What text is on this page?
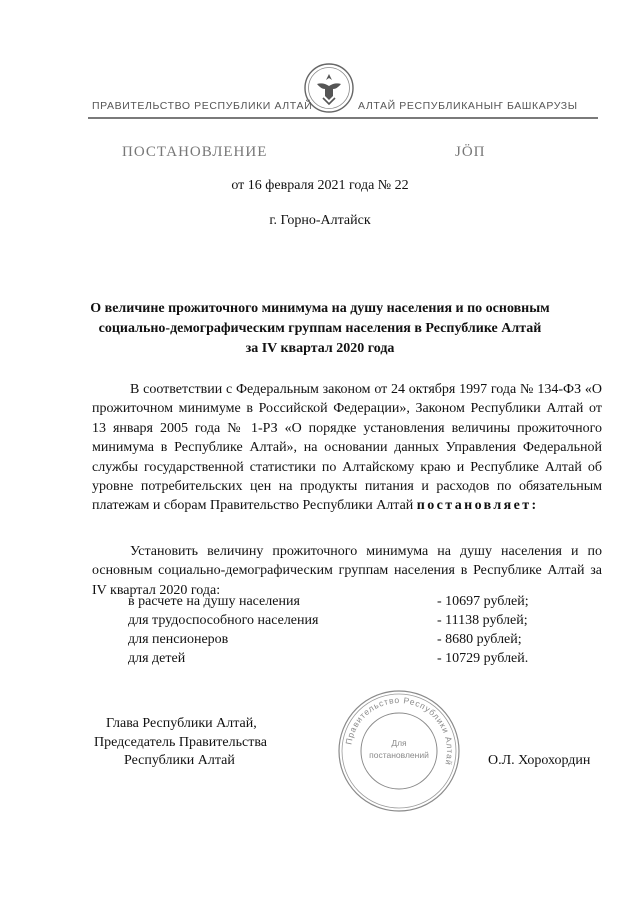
ПРАВИТЕЛЬСТВО РЕСПУБЛИКИ АЛТАЙ	АЛТАЙ РЕСПУБЛИКАНЫҤ БАШКАРУЗЫ
ПОСТАНОВЛЕНИЕ	ЈӦП
от 16 февраля 2021 года № 22
г. Горно-Алтайск
О величине прожиточного минимума на душу населения и по основным
социально-демографическим группам населения в Республике Алтай
за IV квартал 2020 года
В соответствии с Федеральным законом от 24 октября 1997 года № 134-ФЗ «О прожиточном минимуме в Российской Федерации», Законом Республики Алтай от 13 января 2005 года № 1-РЗ «О порядке установления величины прожиточного минимума в Республике Алтай», на основании данных Управления Федеральной службы государственной статистики по Алтайскому краю и Республике Алтай об уровне потребительских цен на продукты питания и расходов по обязательным платежам и сборам Правительство Республики Алтай постановляет:
Установить величину прожиточного минимума на душу населения и по основным социально-демографическим группам населения в Республике Алтай за IV квартал 2020 года:
в расчете на душу населения	- 10697 рублей;
для трудоспособного населения	- 11138 рублей;
для пенсионеров	- 8680 рублей;
для детей	- 10729 рублей.
Глава Республики Алтай,
Председатель Правительства
Республики Алтай	О.Л. Хорохордин
Правительство Республики Алтай
Для
постановлений
